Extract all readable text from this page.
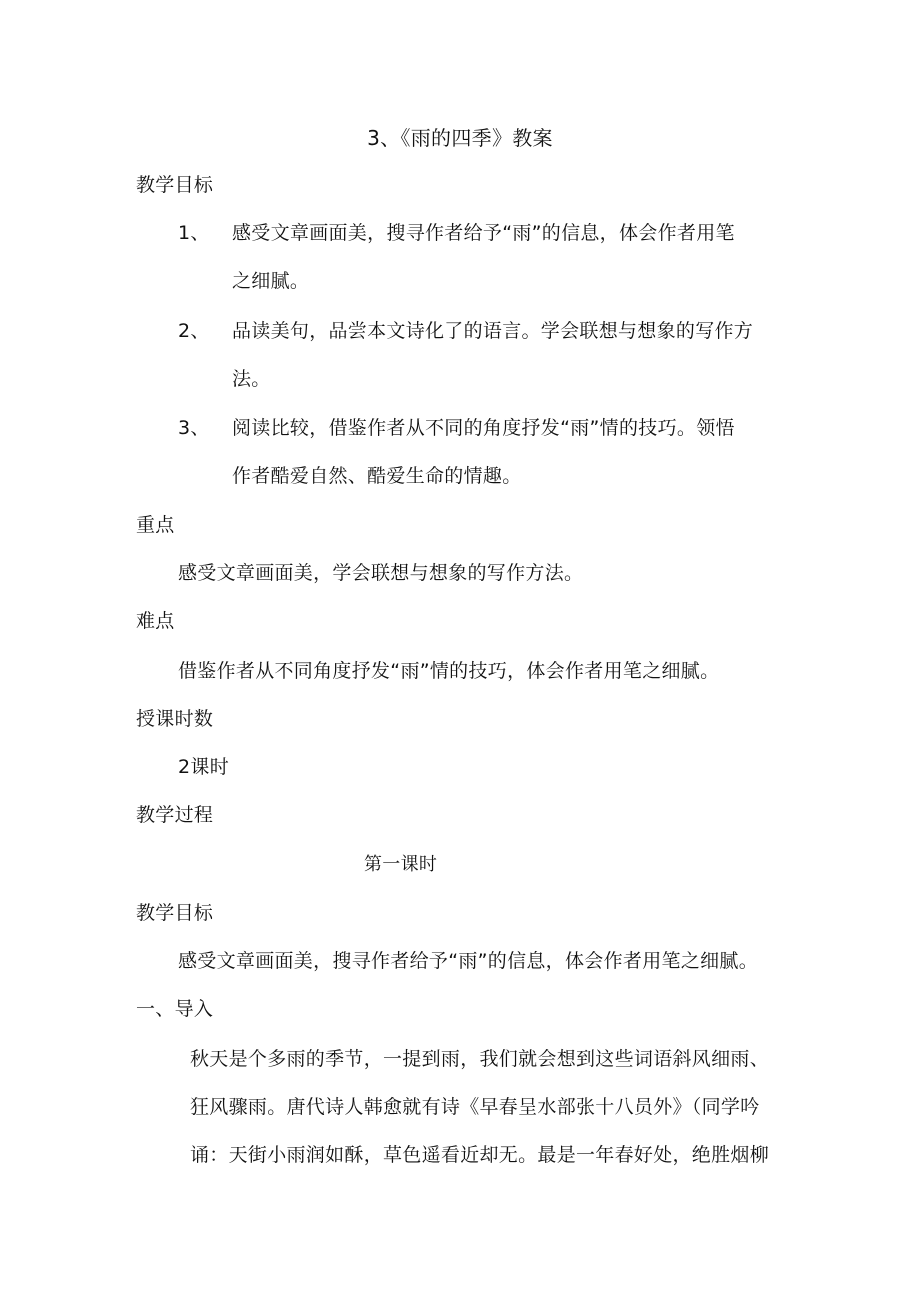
3、《雨的四季》教案
教学目标
1、	感受文章画面美，搜寻作者给予“雨”的信息，体会作者用笔
之细腻。
2、	品读美句，品尝本文诗化了的语言。学会联想与想象的写作方
法。
3、	阅读比较，借鉴作者从不同的角度抒发“雨”情的技巧。领悟
作者酷爱自然、酷爱生命的情趣。
重点
感受文章画面美，学会联想与想象的写作方法。
难点
借鉴作者从不同角度抒发“雨”情的技巧，体会作者用笔之细腻。
授课时数
2课时
教学过程
第一课时
教学目标
感受文章画面美，搜寻作者给予“雨”的信息，体会作者用笔之细腻。
一、导入
秋天是个多雨的季节，一提到雨，我们就会想到这些词语斜风细雨、
狂风骤雨。唐代诗人韩愈就有诗《早春呈水部张十八员外》（同学吟
诵：天街小雨润如酥，草色遥看近却无。最是一年春好处，绝胜烟柳
